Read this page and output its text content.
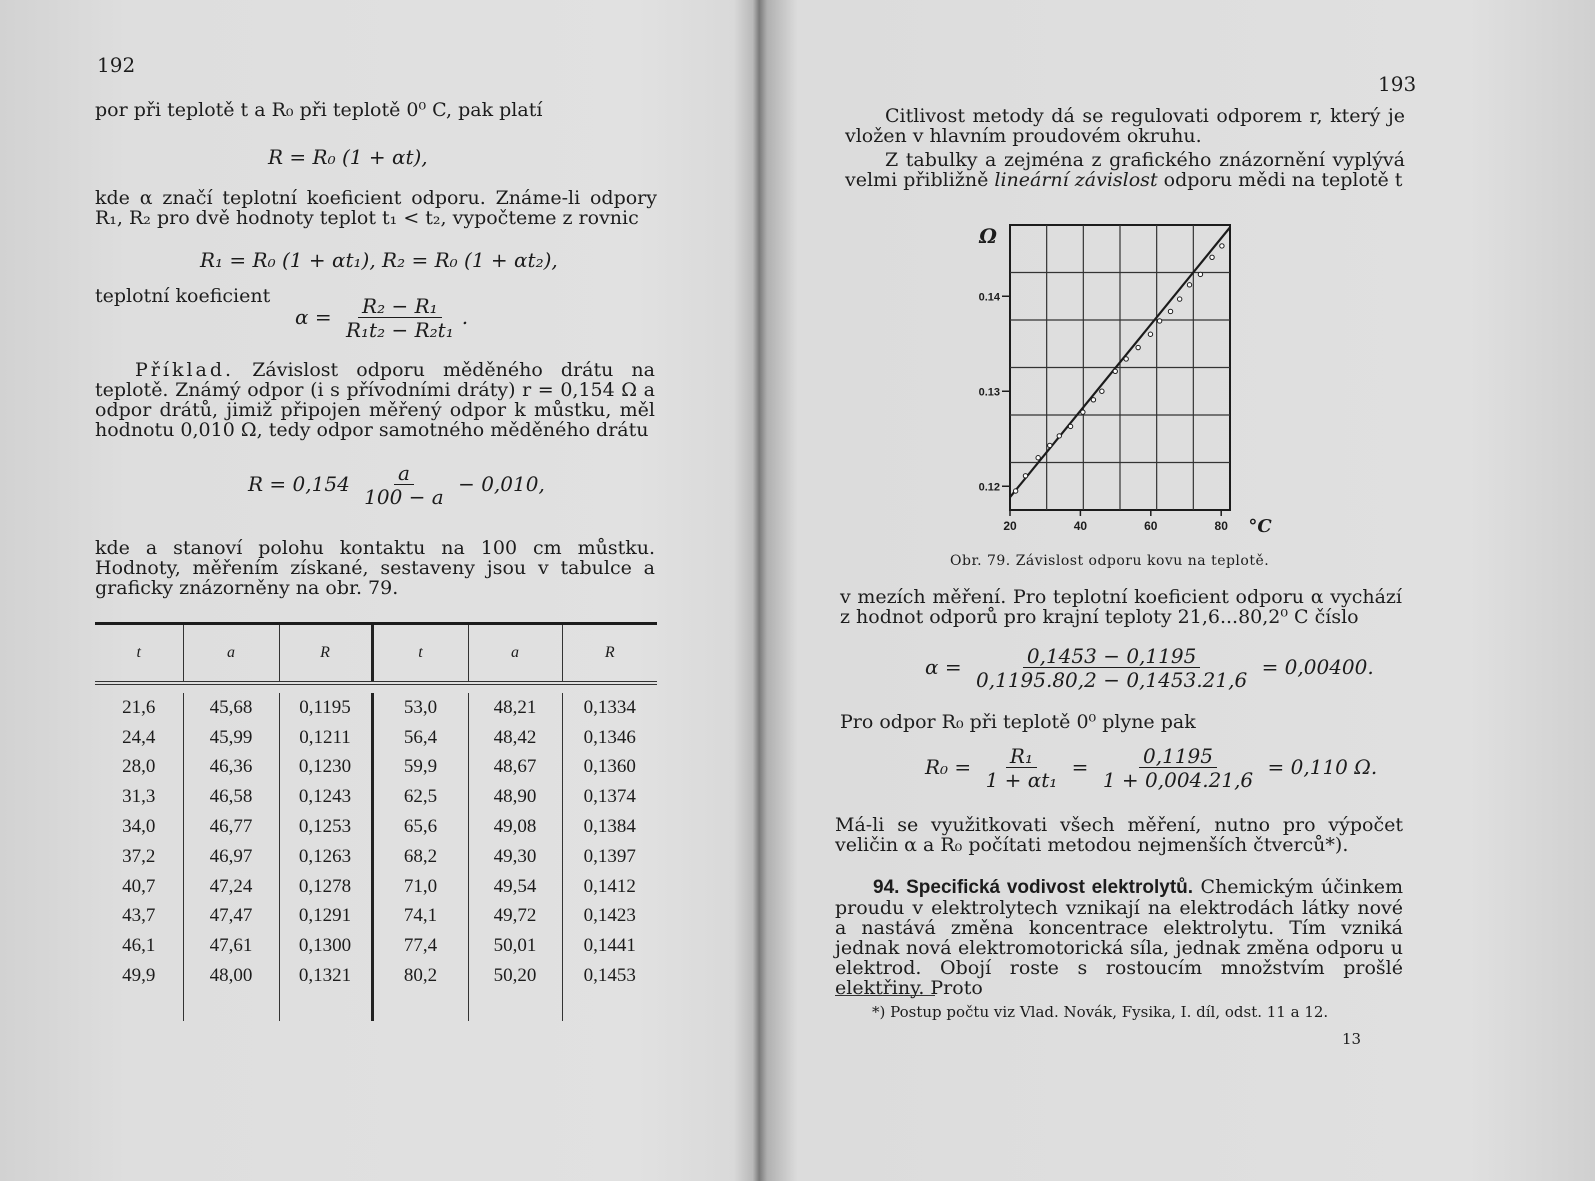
192
por při teplotě t a R₀ při teplotě 0⁰ C, pak platí
R = R₀ (1 + αt),
kde α značí teplotní koeficient odporu. Známe-li odpory R₁, R₂ pro dvě hodnoty teplot t₁ < t₂, vypočteme z rovnic
R₁ = R₀ (1 + αt₁), R₂ = R₀ (1 + αt₂),
teplotní koeficient
$\alpha = \frac{\text{R₂ − R₁}}{\text{R₁t₂ − R₂t₁}}$ .
Příklad. Závislost odporu měděného drátu na teplotě. Známý odpor (i s přívodními dráty) r = 0,154 Ω a odpor drátů, jimiž připojen měřený odpor k můstku, měl hodnotu 0,010 Ω, tedy odpor samotného měděného drátu
$R = 0,154 \frac{a}{100 - a} - 0,010$,
kde a stanoví polohu kontaktu na 100 cm můstku. Hodnoty, měřením získané, sestaveny jsou v tabulce a graficky znázorněny na obr. 79.
t	a	R	t	a	R

21,6	45,68	0,1195	53,0	48,21	0,1334
24,4	45,99	0,1211	56,4	48,42	0,1346
28,0	46,36	0,1230	59,9	48,67	0,1360
31,3	46,58	0,1243	62,5	48,90	0,1374
34,0	46,77	0,1253	65,6	49,08	0,1384
37,2	46,97	0,1263	68,2	49,30	0,1397
40,7	47,24	0,1278	71,0	49,54	0,1412
43,7	47,47	0,1291	74,1	49,72	0,1423
46,1	47,61	0,1300	77,4	50,01	0,1441
49,9	48,00	0,1321	80,2	50,20	0,1453

193
Citlivost metody dá se regulovati odporem r, který je vložen v hlavním proudovém okruhu.
Z tabulky a zejména z grafického znázornění vyplývá velmi přibližně lineární závislost odporu mědi na teplotě t
0.12
0.13
0.14
20	40	60	80
Ω
°C
Obr. 79. Závislost odporu kovu na teplotě.
v mezích měření. Pro teplotní koeficient odporu α vychází z hodnot odporů pro krajní teploty 21,6...80,2⁰ C číslo
$\alpha = \frac{0,1453 - 0,1195}{0,1195.80,2 - 0,1453.21,6} = 0,00400$.
Pro odpor R₀ při teplotě 0⁰ plyne pak
$R_0 = \frac{\text{R₁}}{\text{1 + αt₁}} = \frac{0,1195}{1 + 0,004.21,6} = 0,110$ Ω.
Má-li se využitkovati všech měření, nutno pro výpočet veličin α a R₀ počítati metodou nejmenších čtverců*).
94. Specifická vodivost elektrolytů. Chemickým účinkem proudu v elektrolytech vznikají na elektrodách látky nové a nastává změna koncentrace elektrolytu. Tím vzniká jednak nová elektromotorická síla, jednak změna odporu u elektrod. Obojí roste s rostoucím množstvím prošlé elektřiny. Proto
*) Postup počtu viz Vlad. Novák, Fysika, I. díl, odst. 11 a 12.
13
